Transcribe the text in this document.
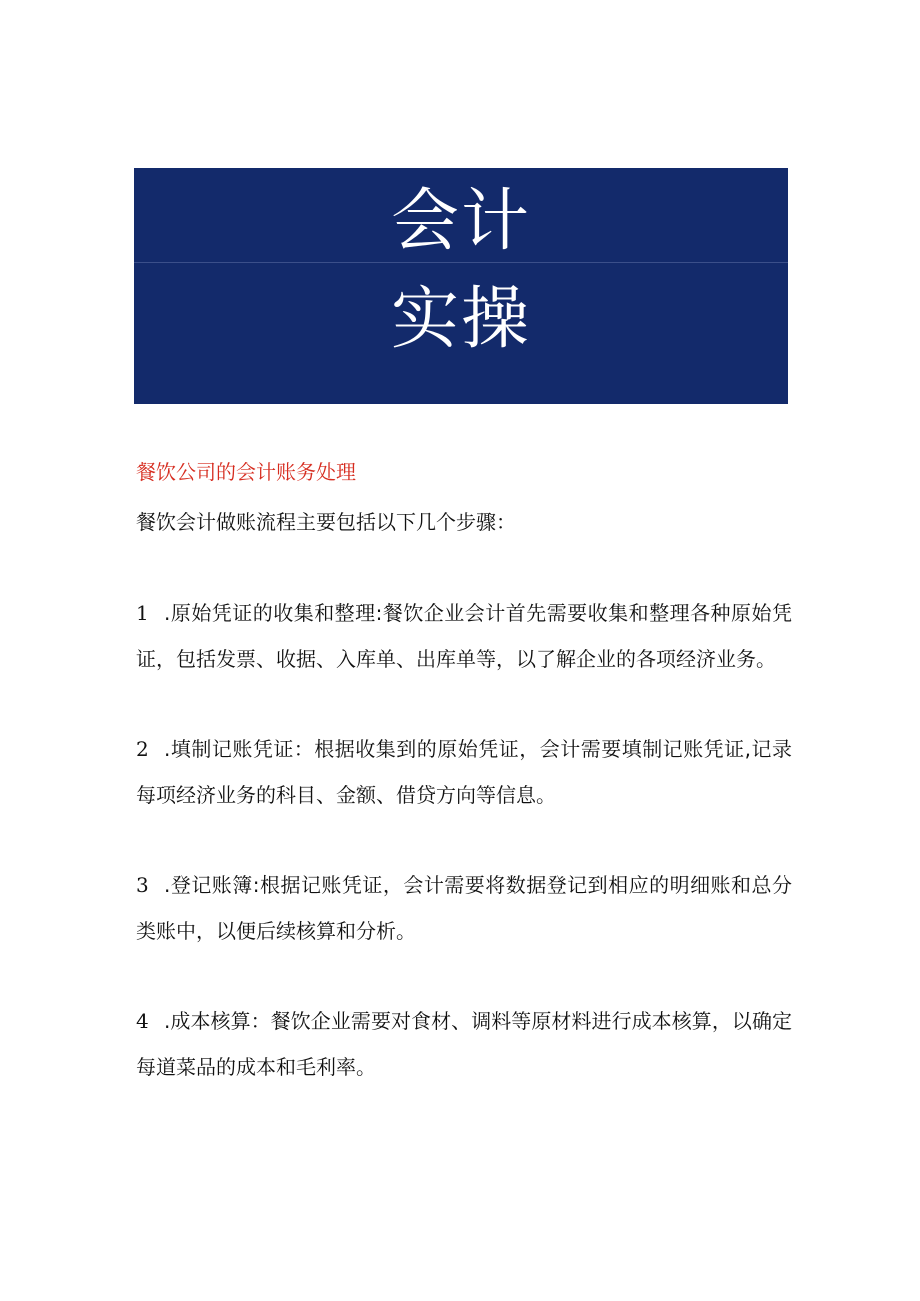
会计
实操

餐饮公司的会计账务处理

餐饮会计做账流程主要包括以下几个步骤：

1 .原始凭证的收集和整理:餐饮企业会计首先需要收集和整理各种原始凭证，包括发票、收据、入库单、出库单等，以了解企业的各项经济业务。
2 .填制记账凭证：根据收集到的原始凭证，会计需要填制记账凭证,记录每项经济业务的科目、金额、借贷方向等信息。
3 .登记账簿:根据记账凭证，会计需要将数据登记到相应的明细账和总分类账中，以便后续核算和分析。
4 .成本核算：餐饮企业需要对食材、调料等原材料进行成本核算，以确定每道菜品的成本和毛利率。
